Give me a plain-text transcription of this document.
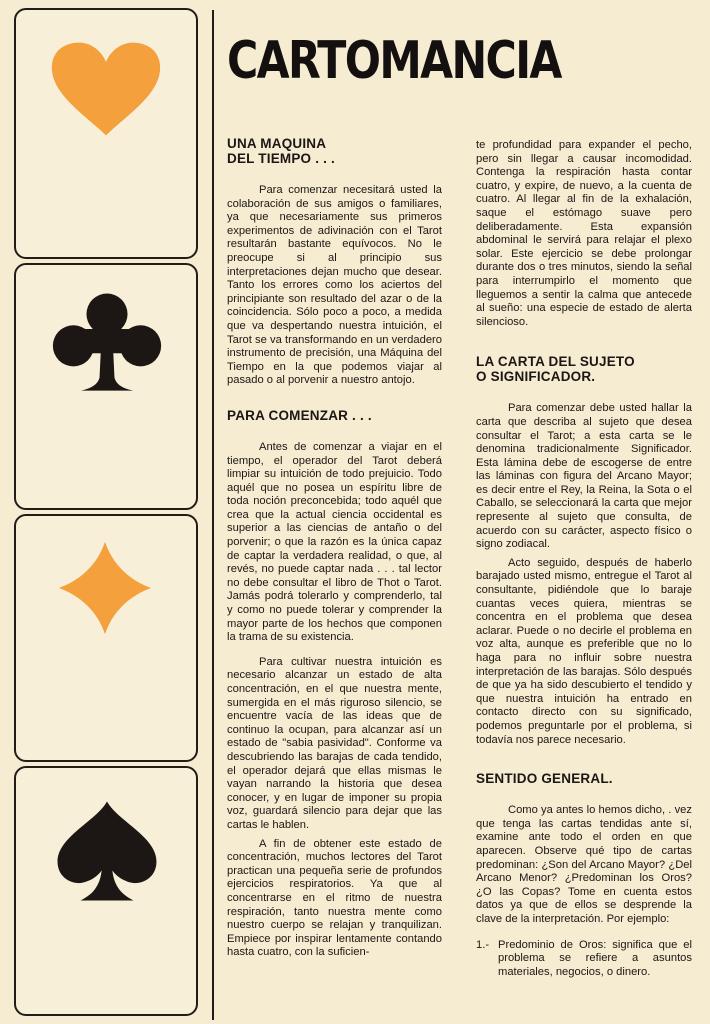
CARTOMANCIA
UNA MAQUINA
DEL TIEMPO . . .

Para comenzar necesitará usted la colaboración de sus amigos o familiares, ya que necesariamente sus primeros experimentos de adivinación con el Tarot resultarán bastante equívocos. No le preocupe si al principio sus interpretaciones dejan mucho que desear. Tanto los errores como los aciertos del principiante son resultado del azar o de la coincidencia. Sólo poco a poco, a medida que va despertando nuestra intuición, el Tarot se va transformando en un verdadero instrumento de precisión, una Máquina del Tiempo en la que podemos viajar al pasado o al porvenir a nuestro antojo.

PARA COMENZAR . . .

Antes de comenzar a viajar en el tiempo, el operador del Tarot deberá limpiar su intuición de todo prejuicio. Todo aquél que no posea un espíritu libre de toda noción preconcebida; todo aquél que crea que la actual ciencia occidental es superior a las ciencias de antaño o del porvenir; o que la razón es la única capaz de captar la verdadera realidad, o que, al revés, no puede captar nada . . . tal lector no debe consultar el libro de Thot o Tarot. Jamás podrá tolerarlo y comprenderlo, tal y como no puede tolerar y comprender la mayor parte de los hechos que componen la trama de su existencia.

Para cultivar nuestra intuición es necesario alcanzar un estado de alta concentración, en el que nuestra mente, sumergida en el más riguroso silencio, se encuentre vacía de las ideas que de continuo la ocupan, para alcanzar así un estado de "sabia pasividad". Conforme va descubriendo las barajas de cada tendido, el operador dejará que ellas mismas le vayan narrando la historia que desea conocer, y en lugar de imponer su propia voz, guardará silencio para dejar que las cartas le hablen.

A fin de obtener este estado de concentración, muchos lectores del Tarot practican una pequeña serie de profundos ejercicios respiratorios. Ya que al concentrarse en el ritmo de nuestra respiración, tanto nuestra mente como nuestro cuerpo se relajan y tranquilizan. Empiece por inspirar lentamente contando hasta cuatro, con la suficien-

te profundidad para expander el pecho, pero sin llegar a causar incomodidad. Contenga la respiración hasta contar cuatro, y expire, de nuevo, a la cuenta de cuatro. Al llegar al fin de la exhalación, saque el estómago suave pero deliberadamente. Esta expansión abdominal le servirá para relajar el plexo solar. Este ejercicio se debe prolongar durante dos o tres minutos, siendo la señal para interrumpirlo el momento que lleguemos a sentir la calma que antecede al sueño: una especie de estado de alerta silencioso.

LA CARTA DEL SUJETO
O SIGNIFICADOR.

Para comenzar debe usted hallar la carta que describa al sujeto que desea consultar el Tarot; a esta carta se le denomina tradicionalmente Significador. Esta lámina debe de escogerse de entre las láminas con figura del Arcano Mayor; es decir entre el Rey, la Reina, la Sota o el Caballo, se seleccionará la carta que mejor represente al sujeto que consulta, de acuerdo con su carácter, aspecto físico o signo zodiacal.

Acto seguido, después de haberlo barajado usted mismo, entregue el Tarot al consultante, pidiéndole que lo baraje cuantas veces quiera, mientras se concentra en el problema que desea aclarar. Puede o no decirle el problema en voz alta, aunque es preferible que no lo haga para no influir sobre nuestra interpretación de las barajas. Sólo después de que ya ha sido descubierto el tendido y que nuestra intuición ha entrado en contacto directo con su significado, podemos preguntarle por el problema, si todavía nos parece necesario.

SENTIDO GENERAL.

Como ya antes lo hemos dicho, . vez que tenga las cartas tendidas ante sí, examine ante todo el orden en que aparecen. Observe qué tipo de cartas predominan: ¿Son del Arcano Mayor? ¿Del Arcano Menor? ¿Predominan los Oros? ¿O las Copas? Tome en cuenta estos datos ya que de ellos se desprende la clave de la interpretación. Por ejemplo:

1.- Predominio de Oros: significa que el problema se refiere a asuntos materiales, negocios, o dinero.
